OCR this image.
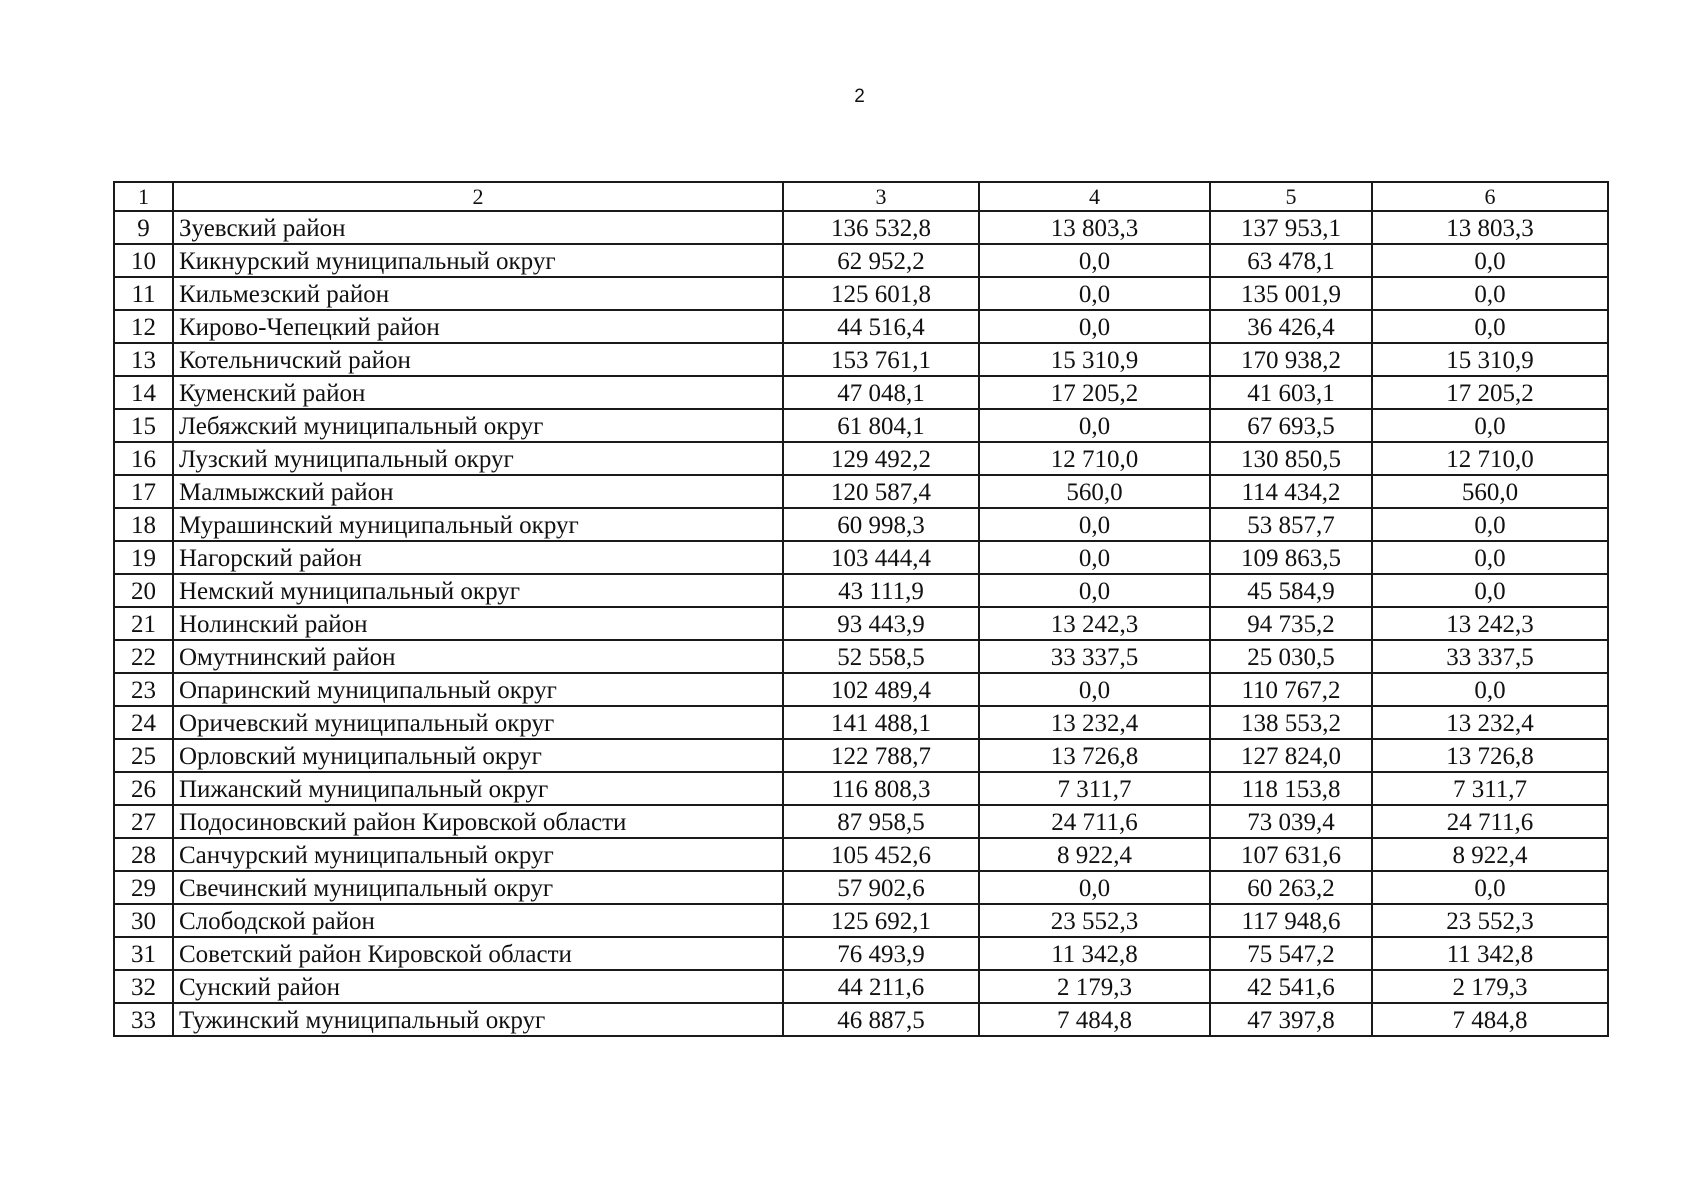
2
1	2	3	4	5	6
9	Зуевский район	136 532,8	13 803,3	137 953,1	13 803,3
10	Кикнурский муниципальный округ	62 952,2	0,0	63 478,1	0,0
11	Кильмезский район	125 601,8	0,0	135 001,9	0,0
12	Кирово-Чепецкий район	44 516,4	0,0	36 426,4	0,0
13	Котельничский район	153 761,1	15 310,9	170 938,2	15 310,9
14	Куменский район	47 048,1	17 205,2	41 603,1	17 205,2
15	Лебяжский муниципальный округ	61 804,1	0,0	67 693,5	0,0
16	Лузский муниципальный округ	129 492,2	12 710,0	130 850,5	12 710,0
17	Малмыжский район	120 587,4	560,0	114 434,2	560,0
18	Мурашинский муниципальный округ	60 998,3	0,0	53 857,7	0,0
19	Нагорский район	103 444,4	0,0	109 863,5	0,0
20	Немский муниципальный округ	43 111,9	0,0	45 584,9	0,0
21	Нолинский район	93 443,9	13 242,3	94 735,2	13 242,3
22	Омутнинский район	52 558,5	33 337,5	25 030,5	33 337,5
23	Опаринский муниципальный округ	102 489,4	0,0	110 767,2	0,0
24	Оричевский муниципальный округ	141 488,1	13 232,4	138 553,2	13 232,4
25	Орловский муниципальный округ	122 788,7	13 726,8	127 824,0	13 726,8
26	Пижанский муниципальный округ	116 808,3	7 311,7	118 153,8	7 311,7
27	Подосиновский район Кировской области	87 958,5	24 711,6	73 039,4	24 711,6
28	Санчурский муниципальный округ	105 452,6	8 922,4	107 631,6	8 922,4
29	Свечинский муниципальный округ	57 902,6	0,0	60 263,2	0,0
30	Слободской район	125 692,1	23 552,3	117 948,6	23 552,3
31	Советский район Кировской области	76 493,9	11 342,8	75 547,2	11 342,8
32	Сунский район	44 211,6	2 179,3	42 541,6	2 179,3
33	Тужинский муниципальный округ	46 887,5	7 484,8	47 397,8	7 484,8
